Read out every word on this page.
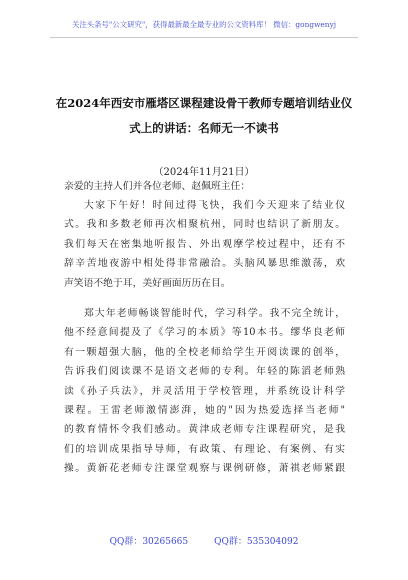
关注头条号"公文研究"，获得最新最全最专业的公文资料库！ 微信：gongwenyj
在2024年西安市雁塔区课程建设骨干教师专题培训结业仪
式上的讲话：名师无一不读书
（2024年11月21日）
亲爱的主持人们并各位老师、赵佩班主任：
大家下午好！时间过得飞快，我们今天迎来了结业仪
式。我和多数老师再次相聚杭州，同时也结识了新朋友。
我们每天在密集地听报告、外出观摩学校过程中，还有不
辞辛苦地夜游中相处得非常融洽。头脑风暴思维激荡，欢
声笑语不绝于耳，美好画面历历在目。
郑大年老师畅谈智能时代，学习科学。我不完全统计，
他不经意间提及了《学习的本质》等10本书。缪华良老师
有一颗超强大脑，他的全校老师给学生开阅读课的创举，
告诉我们阅读课不是语文老师的专利。年轻的陈滔老师熟
读《孙子兵法》，并灵活用于学校管理，并系统设计科学
课程。王雷老师激情澎湃，她的"因为热爱选择当老师"
的教育情怀令我们感动。黄津成老师专注课程研究，是我
们的培训成果指导导师，有政策、有理论、有案例、有实
操。黄新花老师专注课堂观察与课例研修，萧祺老师紧跟
QQ群：30265665	QQ群：535304092
